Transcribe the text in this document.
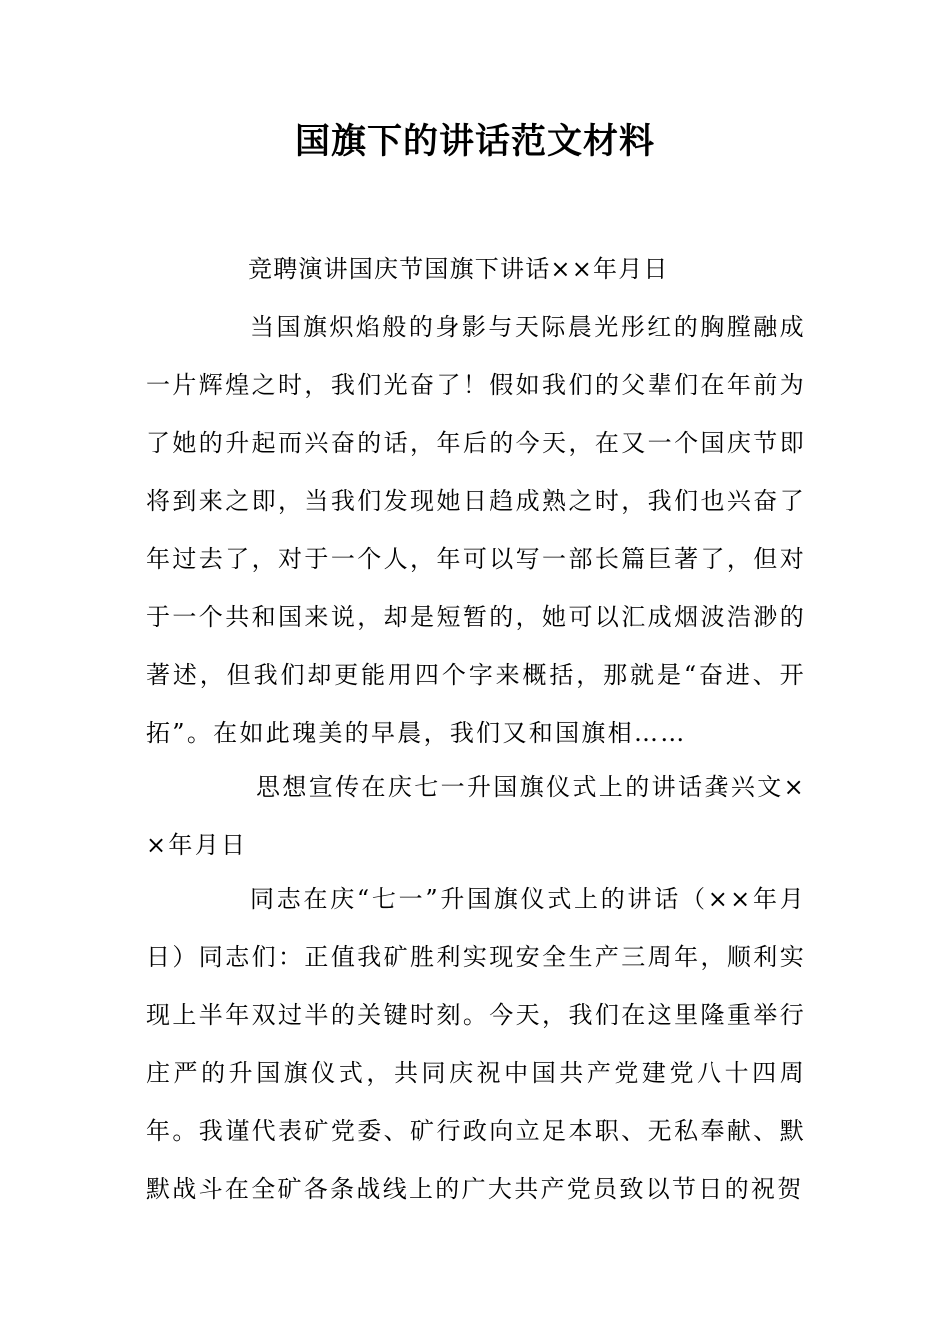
国旗下的讲话范文材料
竞聘演讲国庆节国旗下讲话××年月日
当国旗炽焰般的身影与天际晨光彤红的胸膛融成一片辉煌之时，我们光奋了！假如我们的父辈们在年前为了她的升起而兴奋的话，年后的今天，在又一个国庆节即将到来之即，当我们发现她日趋成熟之时，我们也兴奋了年过去了，对于一个人，年可以写一部长篇巨著了，但对于一个共和国来说，却是短暂的，她可以汇成烟波浩渺的著述，但我们却更能用四个字来概括，那就是“奋进、开拓”。在如此瑰美的早晨，我们又和国旗相……
思想宣传在庆七一升国旗仪式上的讲话龚兴文××年月日
同志在庆“七一”升国旗仪式上的讲话（××年月日）同志们：正值我矿胜利实现安全生产三周年，顺利实现上半年双过半的关键时刻。今天，我们在这里隆重举行庄严的升国旗仪式，共同庆祝中国共产党建党八十四周年。我谨代表矿党委、矿行政向立足本职、无私奉献、默默战斗在全矿各条战线上的广大共产党员致以节日的祝贺
